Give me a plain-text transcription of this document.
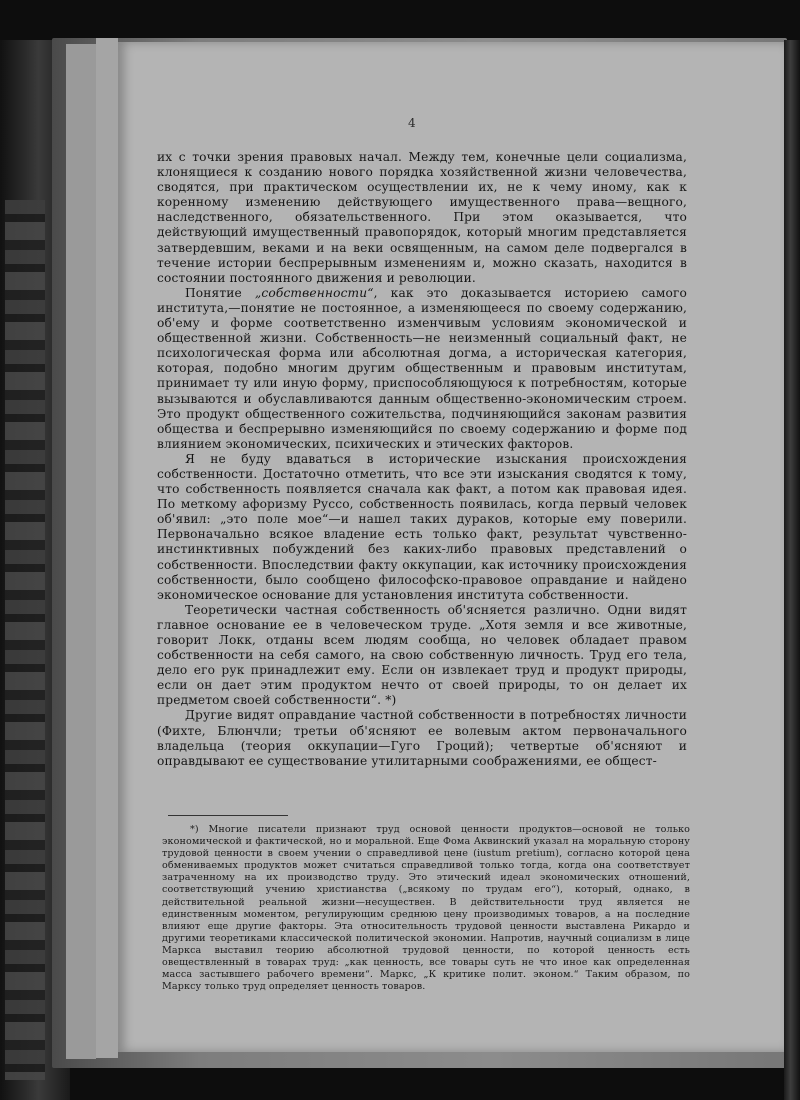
4

их с точки зрения правовых начал. Между тем, конечные цели социализма, клонящиеся к созданию нового порядка хозяйственной жизни человечества, сводятся, при практическом осуществлении их, не к чему иному, как к коренному изменению действующего имущественного права—вещного, наследственного, обязательственного. При этом оказывается, что действующий имущественный правопорядок, который многим представляется затвердевшим, веками и на веки освященным, на самом деле подвергался в течение истории беспрерывным изменениям и, можно сказать, находится в состоянии постоянного движения и революции.

Понятие „собственности“, как это доказывается историею самого института,—понятие не постоянное, а изменяющееся по своему содержанию, об'ему и форме соответственно изменчивым условиям экономической и общественной жизни. Собственность—не неизменный социальный факт, не психологическая форма или абсолютная догма, а историческая категория, которая, подобно многим другим общественным и правовым институтам, принимает ту или иную форму, приспособляющуюся к потребностям, которые вызываются и обуславливаются данным общественно-экономическим строем. Это продукт общественного сожительства, подчиняющийся законам развития общества и беспрерывно изменяющийся по своему содержанию и форме под влиянием экономических, психических и этических факторов.

Я не буду вдаваться в исторические изыскания происхождения собственности. Достаточно отметить, что все эти изыскания сводятся к тому, что собственность появляется сначала как факт, а потом как правовая идея. По меткому афоризму Руссо, собственность появилась, когда первый человек об'явил: „это поле мое“—и нашел таких дураков, которые ему поверили. Первоначально всякое владение есть только факт, результат чувственно-инстинктивных побуждений без каких-либо правовых представлений о собственности. Впоследствии факту оккупации, как источнику происхождения собственности, было сообщено философско-правовое оправдание и найдено экономическое основание для установления института собственности.

Теоретически частная собственность об'ясняется различно. Одни видят главное основание ее в человеческом труде. „Хотя земля и все животные, говорит Локк, отданы всем людям сообща, но человек обладает правом собственности на себя самого, на свою собственную личность. Труд его тела, дело его рук принадлежит ему. Если он извлекает труд и продукт природы, если он дает этим продуктом нечто от своей природы, то он делает их предметом своей собственности“. *)

Другие видят оправдание частной собственности в потребностях личности (Фихте, Блюнчли; третьи об'ясняют ее волевым актом первоначального владельца (теория оккупации—Гуго Гроций); четвертые об'ясняют и оправдывают ее существование утилитарными соображениями, ее общест-

*) Многие писатели признают труд основой ценности продуктов—основой не только экономической и фактической, но и моральной. Еще Фома Аквинский указал на моральную сторону трудовой ценности в своем учении о справедливой цене (iustum pretium), согласно которой цена обмениваемых продуктов может считаться справедливой только тогда, когда она соответствует затраченному на их производство труду. Это этический идеал экономических отношений, соответствующий учению христианства („всякому по трудам его“), который, однако, в действительной реальной жизни—несуществен. В действительности труд является не единственным моментом, регулирующим среднюю цену производимых товаров, а на последние влияют еще другие факторы. Эта относительность трудовой ценности выставлена Рикардо и другими теоретиками классической политической экономии. Напротив, научный социализм в лице Маркса выставил теорию абсолютной трудовой ценности, по которой ценность есть овеществленный в товарах труд: „как ценность, все товары суть не что иное как определенная масса застывшего рабочего времени“. Маркс, „К критике полит. эконом.“ Таким образом, по Марксу только труд определяет ценность товаров.
